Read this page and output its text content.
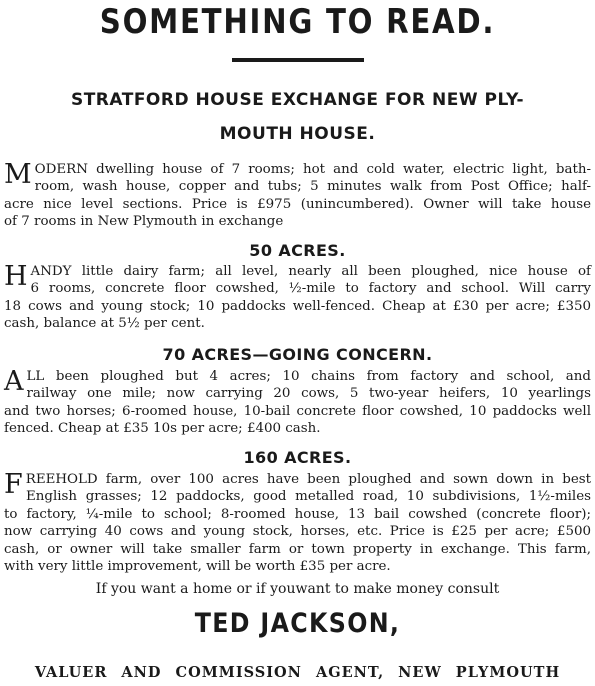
SOMETHING TO READ.
STRATFORD HOUSE EXCHANGE FOR NEW PLY-
MOUTH HOUSE.
M ODERN dwelling house of 7 rooms; hot and cold water, electric light, bath-
room, wash house, copper and tubs; 5 minutes walk from Post Office; half-
acre nice level sections. Price is £975 (unincumbered). Owner will take house
of 7 rooms in New Plymouth in exchange
50 ACRES.
H ANDY little dairy farm; all level, nearly all been ploughed, nice house of
6 rooms, concrete floor cowshed, ½-mile to factory and school. Will carry
18 cows and young stock; 10 paddocks well-fenced. Cheap at £30 per acre; £350
cash, balance at 5½ per cent.
70 ACRES—GOING CONCERN.
A LL been ploughed but 4 acres; 10 chains from factory and school, and
railway one mile; now carrying 20 cows, 5 two-year heifers, 10 yearlings
and two horses; 6-roomed house, 10-bail concrete floor cowshed, 10 paddocks well
fenced. Cheap at £35 10s per acre; £400 cash.
160 ACRES.
F REEHOLD farm, over 100 acres have been ploughed and sown down in best
English grasses; 12 paddocks, good metalled road, 10 subdivisions, 1½-miles
to factory, ¼-mile to school; 8-roomed house, 13 bail cowshed (concrete floor);
now carrying 40 cows and young stock, horses, etc. Price is £25 per acre; £500
cash, or owner will take smaller farm or town property in exchange. This farm,
with very little improvement, will be worth £35 per acre.
If you want a home or if youwant to make money consult
TED JACKSON,
VALUER AND COMMISSION AGENT, NEW PLYMOUTH
